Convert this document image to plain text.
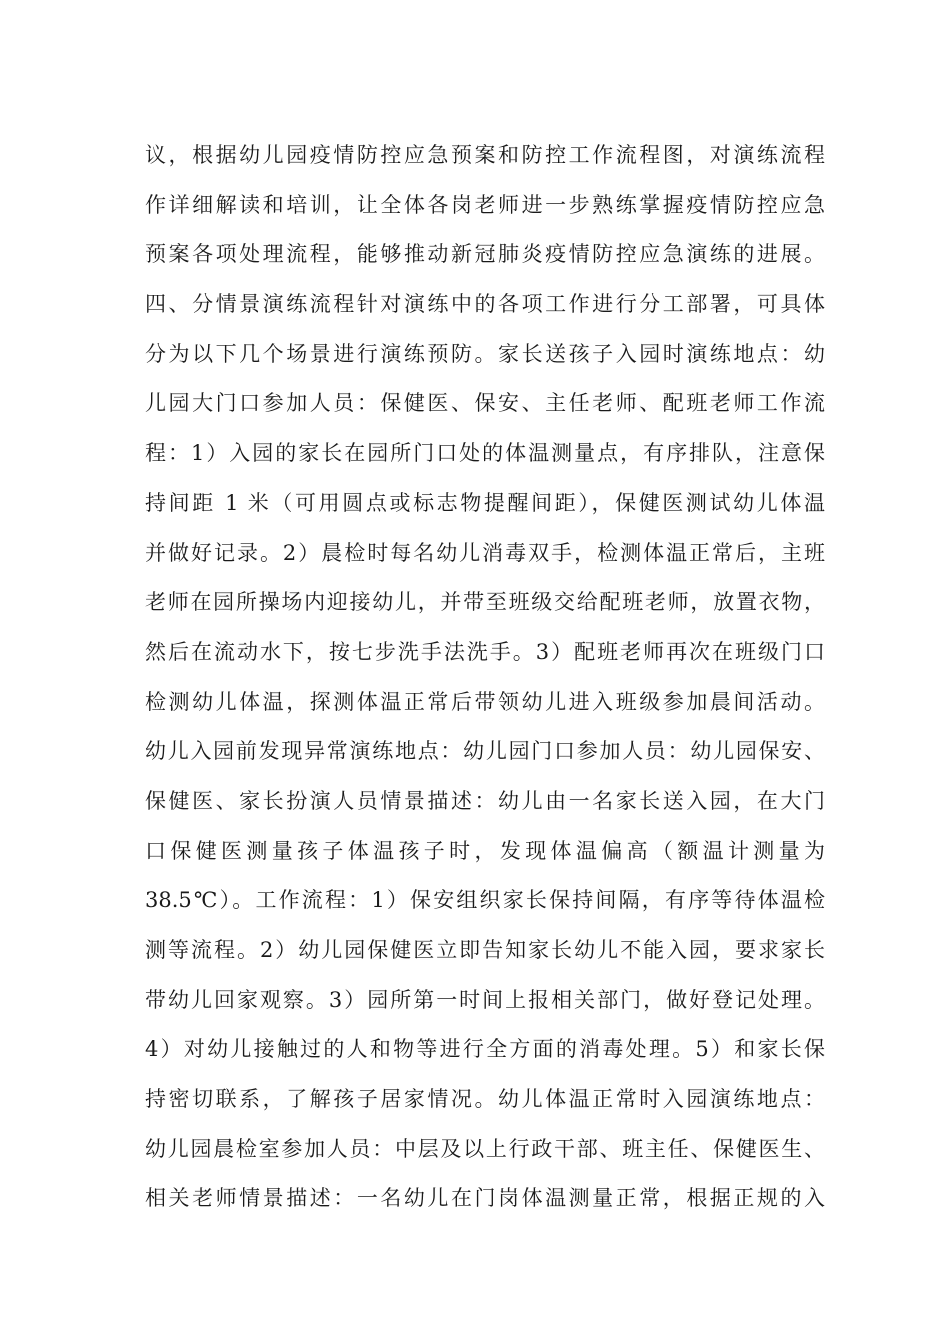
议，根据幼儿园疫情防控应急预案和防控工作流程图，对演练流程
作详细解读和培训，让全体各岗老师进一步熟练掌握疫情防控应急
预案各项处理流程，能够推动新冠肺炎疫情防控应急演练的进展。
四、分情景演练流程针对演练中的各项工作进行分工部署，可具体
分为以下几个场景进行演练预防。家长送孩子入园时演练地点：幼
儿园大门口参加人员：保健医、保安、主任老师、配班老师工作流
程：1）入园的家长在园所门口处的体温测量点，有序排队，注意保
持间距 1 米（可用圆点或标志物提醒间距），保健医测试幼儿体温
并做好记录。2）晨检时每名幼儿消毒双手，检测体温正常后，主班
老师在园所操场内迎接幼儿，并带至班级交给配班老师，放置衣物，
然后在流动水下，按七步洗手法洗手。3）配班老师再次在班级门口
检测幼儿体温，探测体温正常后带领幼儿进入班级参加晨间活动。
幼儿入园前发现异常演练地点：幼儿园门口参加人员：幼儿园保安、
保健医、家长扮演人员情景描述：幼儿由一名家长送入园，在大门
口保健医测量孩子体温孩子时，发现体温偏高（额温计测量为
38.5℃）。工作流程：1）保安组织家长保持间隔，有序等待体温检
测等流程。2）幼儿园保健医立即告知家长幼儿不能入园，要求家长
带幼儿回家观察。3）园所第一时间上报相关部门，做好登记处理。
4）对幼儿接触过的人和物等进行全方面的消毒处理。5）和家长保
持密切联系，了解孩子居家情况。幼儿体温正常时入园演练地点：
幼儿园晨检室参加人员：中层及以上行政干部、班主任、保健医生、
相关老师情景描述：一名幼儿在门岗体温测量正常，根据正规的入
